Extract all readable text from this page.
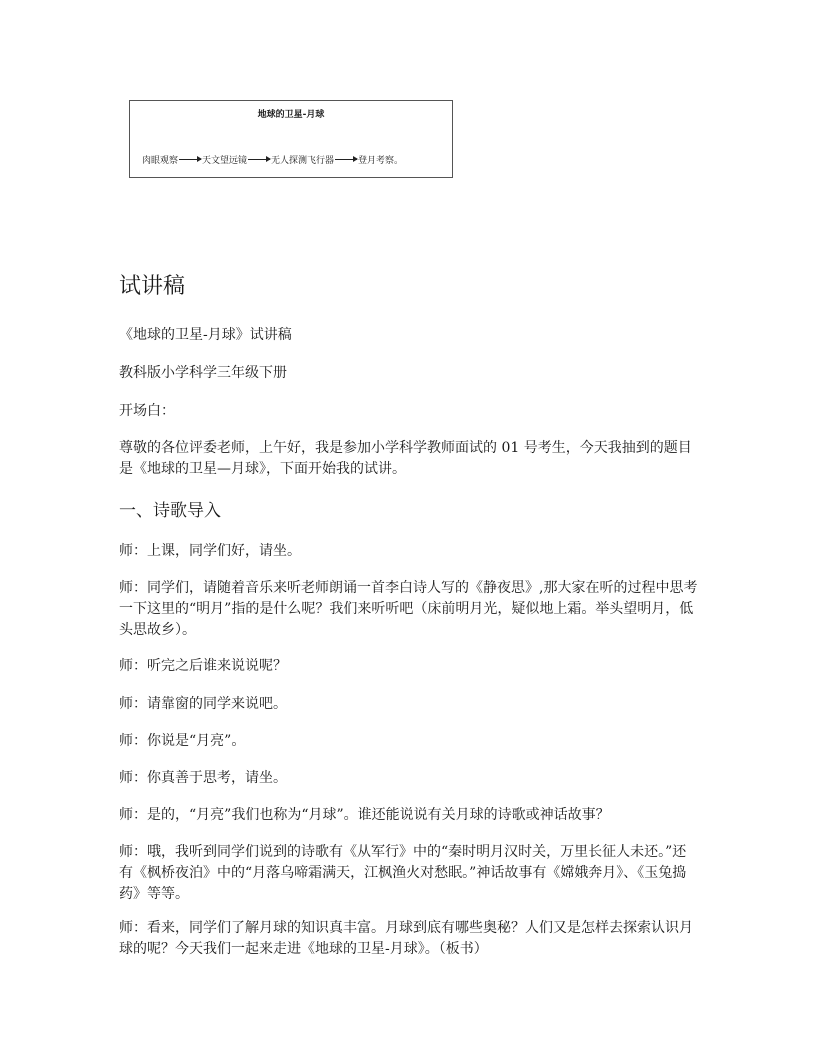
地球的卫星-月球
肉眼观察	天文望远镜	无人探测飞行器	登月考察。
试讲稿
《地球的卫星-月球》试讲稿
教科版小学科学三年级下册
开场白：
尊敬的各位评委老师，上午好，我是参加小学科学教师面试的 01 号考生，今天我抽到的题目是《地球的卫星—月球》，下面开始我的试讲。
一、诗歌导入
师：上课，同学们好，请坐。
师：同学们，请随着音乐来听老师朗诵一首李白诗人写的《静夜思》,那大家在听的过程中思考一下这里的“明月”指的是什么呢？我们来听听吧（床前明月光，疑似地上霜。举头望明月，低头思故乡）。
师：听完之后谁来说说呢？
师：请靠窗的同学来说吧。
师：你说是“月亮”。
师：你真善于思考，请坐。
师：是的，“月亮”我们也称为“月球”。谁还能说说有关月球的诗歌或神话故事？
师：哦，我听到同学们说到的诗歌有《从军行》中的“秦时明月汉时关，万里长征人未还。”还有《枫桥夜泊》中的“月落乌啼霜满天，江枫渔火对愁眠。”神话故事有《嫦娥奔月》、《玉兔捣药》等等。
师：看来，同学们了解月球的知识真丰富。月球到底有哪些奥秘？人们又是怎样去探索认识月球的呢？今天我们一起来走进《地球的卫星-月球》。（板书）
